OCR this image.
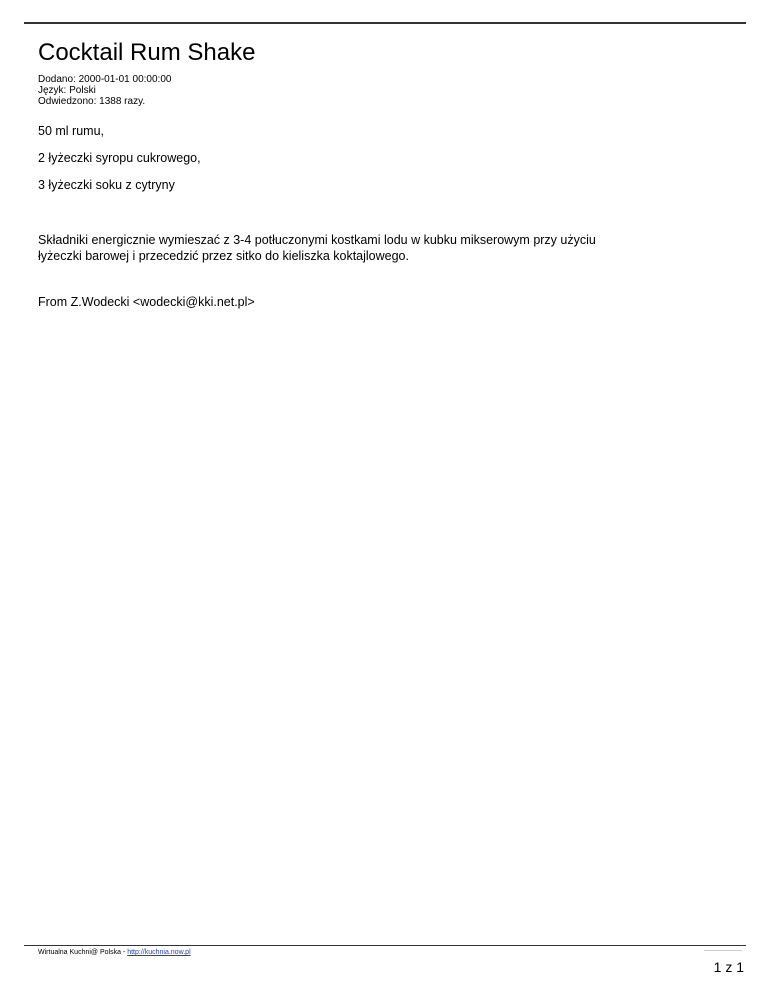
Cocktail Rum Shake
Dodano: 2000-01-01 00:00:00
Język: Polski
Odwiedzono: 1388 razy.
50 ml rumu,
2 łyżeczki syropu cukrowego,
3 łyżeczki soku z cytryny
Składniki energicznie wymieszać z 3-4 potłuczonymi kostkami lodu w kubku mikserowym przy użyciu
łyżeczki barowej i przecedzić przez sitko do kieliszka koktajlowego.
From Z.Wodecki <wodecki@kki.net.pl>
Wirtualna Kuchni@ Polska - http://kuchnia.now.pl
1 z 1
